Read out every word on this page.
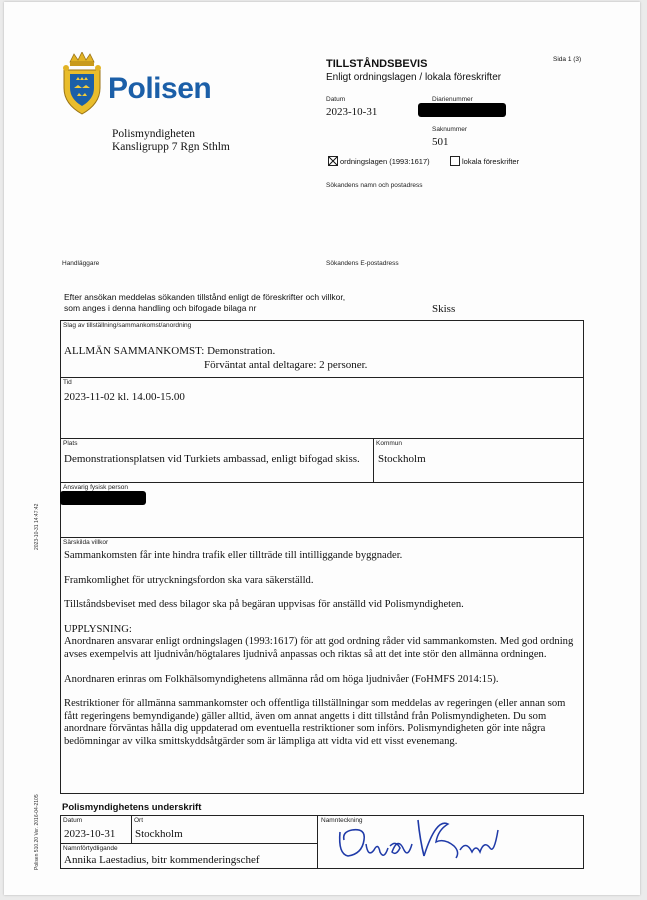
Polisen
Polismyndigheten
Kansligrupp 7 Rgn Sthlm
TILLSTÅNDSBEVIS
Enligt ordningslagen / lokala föreskrifter
Sida 1 (3)
Datum
2023-10-31
Diarienummer
Saknummer
501
ordningslagen (1993:1617)	lokala föreskrifter
Sökandens namn och postadress
Handläggare	Sökandens E-postadress
Efter ansökan meddelas sökanden tillstånd enligt de föreskrifter och villkor,
som anges i denna handling och bifogade bilaga nr	Skiss
Slag av tillställning/sammankomst/anordning
ALLMÄN SAMMANKOMST: Demonstration.
Förväntat antal deltagare: 2 personer.
Tid
2023-11-02 kl. 14.00-15.00
Plats
Demonstrationsplatsen vid Turkiets ambassad, enligt bifogad skiss.
Kommun
Stockholm
Ansvarig fysisk person
Särskilda villkor

Sammankomsten får inte hindra trafik eller tillträde till intilliggande byggnader.

Framkomlighet för utryckningsfordon ska vara säkerställd.

Tillståndsbeviset med dess bilagor ska på begäran uppvisas för anställd vid Polismyndigheten.

UPPLYSNING:

Anordnaren ansvarar enligt ordningslagen (1993:1617) för att god ordning råder vid sammankomsten. Med god ordning avses exempelvis att ljudnivån/högtalares ljudnivå anpassas och riktas så att det inte stör den allmänna ordningen.

Anordnaren erinras om Folkhälsomyndighetens allmänna råd om höga ljudnivåer (FoHMFS 2014:15).

Restriktioner för allmänna sammankomster och offentliga tillställningar som meddelas av regeringen (eller annan som fått regeringens bemyndigande) gäller alltid, även om annat angetts i ditt tillstånd från Polismyndigheten. Du som anordnare förväntas hålla dig uppdaterad om eventuella restriktioner som införs. Polismyndigheten gör inte några bedömningar av vilka smittskyddsåtgärder som är lämpliga att vidta vid ett visst evenemang.

Polismyndighetens underskrift
Datum
2023-10-31
Ort
Stockholm
Namnteckning
Namnförtydligande
Annika Laestadius, bitr kommenderingschef
2023-10-31 14:47:42
Polisen 510.20 Ver. 2016-04-2105
